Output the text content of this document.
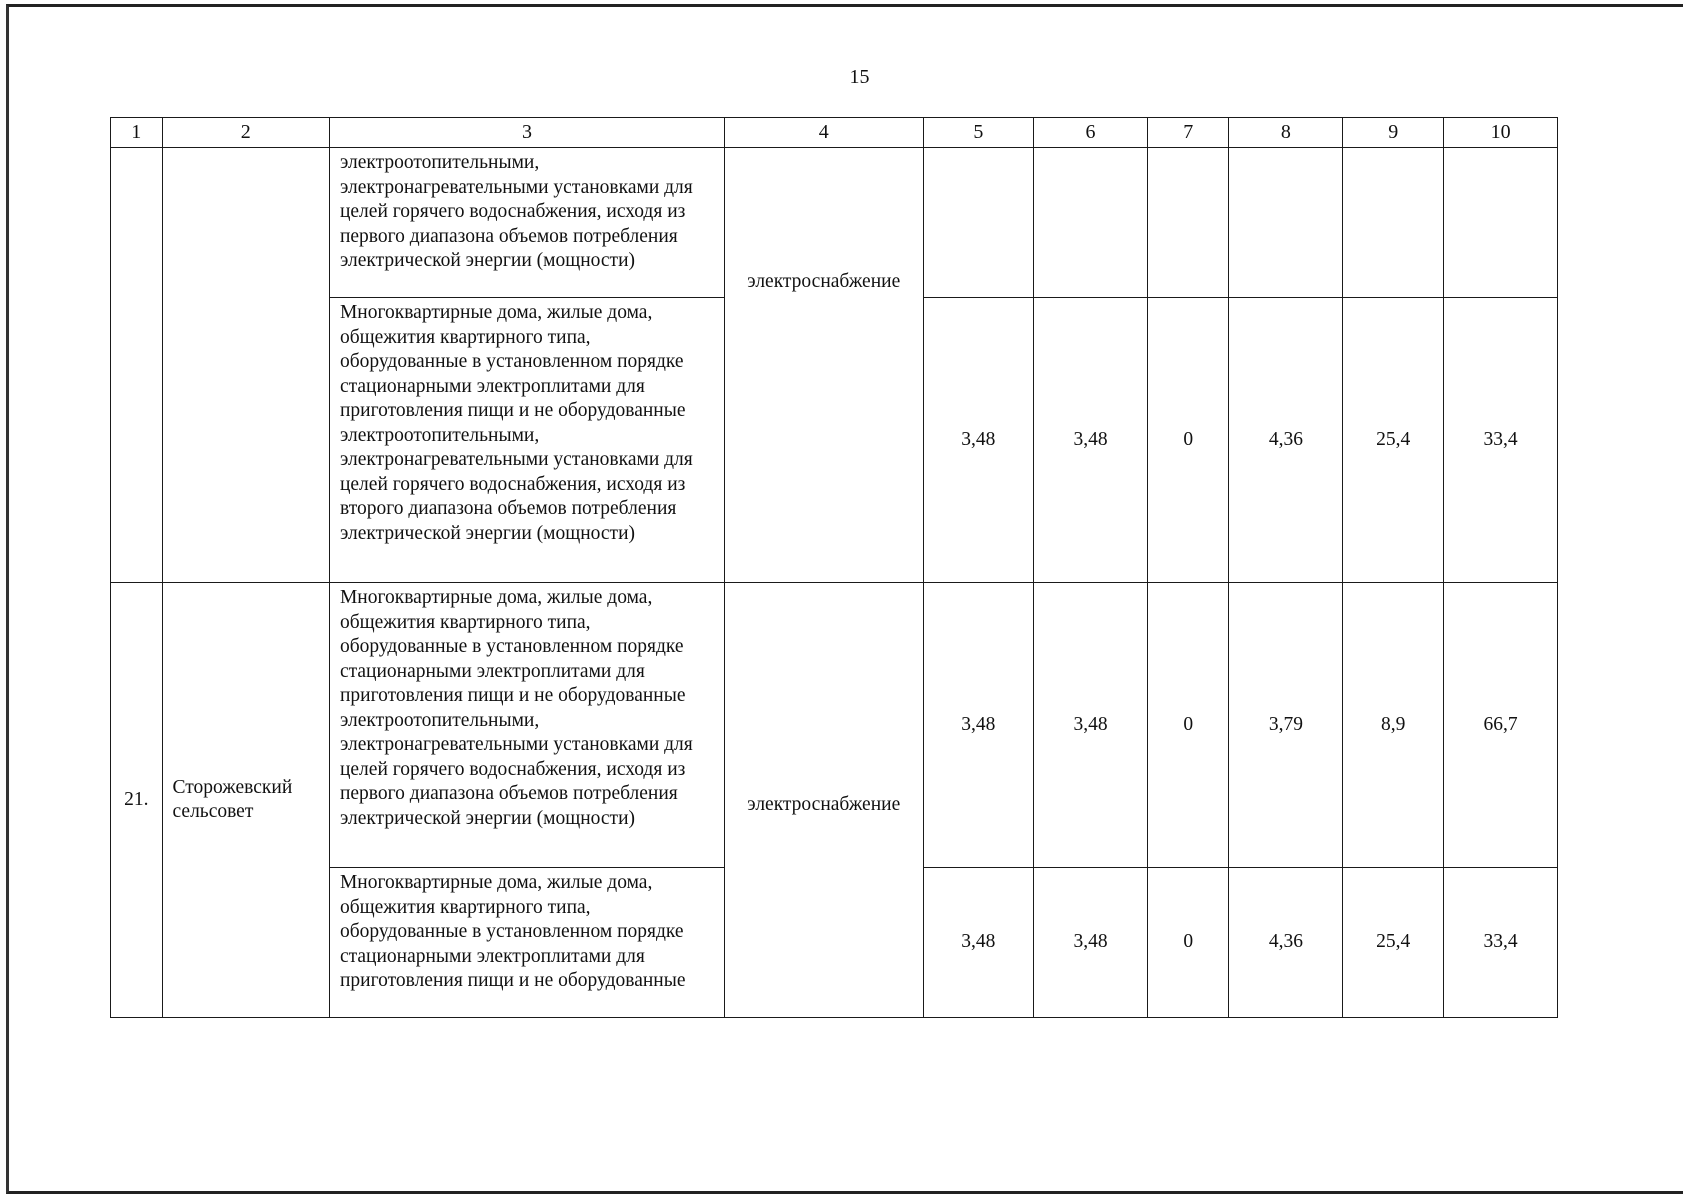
15
1	2	3	4	5	6	7	8	9	10
		электроотопительными, электронагревательными установками для целей горячего водоснабжения, исходя из первого диапазона объемов потребления электрической энергии (мощности)	электроснабжение						
		Многоквартирные дома, жилые дома, общежития квартирного типа, оборудованные в установленном порядке стационарными электроплитами для приготовления пищи и не оборудованные электроотопительными, электронагревательными установками для целей горячего водоснабжения, исходя из второго диапазона объемов потребления электрической энергии (мощности)		3,48	3,48	0	4,36	25,4	33,4
21.	Сторожевский сельсовет	Многоквартирные дома, жилые дома, общежития квартирного типа, оборудованные в установленном порядке стационарными электроплитами для приготовления пищи и не оборудованные электроотопительными, электронагревательными установками для целей горячего водоснабжения, исходя из первого диапазона объемов потребления электрической энергии (мощности)	электроснабжение	3,48	3,48	0	3,79	8,9	66,7
		Многоквартирные дома, жилые дома, общежития квартирного типа, оборудованные в установленном порядке стационарными электроплитами для приготовления пищи и не оборудованные		3,48	3,48	0	4,36	25,4	33,4
